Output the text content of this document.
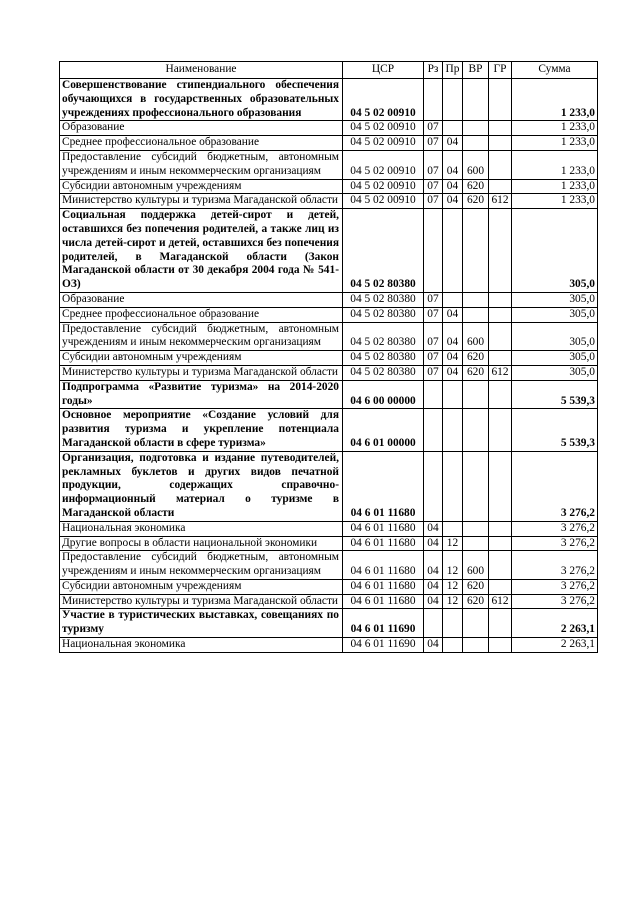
Наименование	ЦСР	Рз	Пр	ВР	ГР	Сумма
Совершенствование стипендиального обеспечения обучающихся в государственных образовательных учреждениях профессионального образования	04 5 02 00910					1 233,0
Образование	04 5 02 00910	07				1 233,0
Среднее профессиональное образование	04 5 02 00910	07	04			1 233,0
Предоставление субсидий бюджетным, автономным учреждениям и иным некоммерческим организациям	04 5 02 00910	07	04	600		1 233,0
Субсидии автономным учреждениям	04 5 02 00910	07	04	620		1 233,0
Министерство культуры и туризма Магаданской области	04 5 02 00910	07	04	620	612	1 233,0
Социальная поддержка детей-сирот и детей, оставшихся без попечения родителей, а также лиц из числа детей-сирот и детей, оставшихся без попечения родителей, в Магаданской области (Закон Магаданской области от 30 декабря 2004 года № 541-ОЗ)	04 5 02 80380					305,0
Образование	04 5 02 80380	07				305,0
Среднее профессиональное образование	04 5 02 80380	07	04			305,0
Предоставление субсидий бюджетным, автономным учреждениям и иным некоммерческим организациям	04 5 02 80380	07	04	600		305,0
Субсидии автономным учреждениям	04 5 02 80380	07	04	620		305,0
Министерство культуры и туризма Магаданской области	04 5 02 80380	07	04	620	612	305,0
Подпрограмма «Развитие туризма» на 2014-2020 годы»	04 6 00 00000					5 539,3
Основное мероприятие «Создание условий для развития туризма и укрепление потенциала Магаданской области в сфере туризма»	04 6 01 00000					5 539,3
Организация, подготовка и издание путеводителей, рекламных буклетов и других видов печатной продукции, содержащих справочно-информационный материал о туризме в Магаданской области	04 6 01 11680					3 276,2
Национальная экономика	04 6 01 11680	04				3 276,2
Другие вопросы в области национальной экономики	04 6 01 11680	04	12			3 276,2
Предоставление субсидий бюджетным, автономным учреждениям и иным некоммерческим организациям	04 6 01 11680	04	12	600		3 276,2
Субсидии автономным учреждениям	04 6 01 11680	04	12	620		3 276,2
Министерство культуры и туризма Магаданской области	04 6 01 11680	04	12	620	612	3 276,2
Участие в туристических выставках, совещаниях по туризму	04 6 01 11690					2 263,1
Национальная экономика	04 6 01 11690	04				2 263,1
